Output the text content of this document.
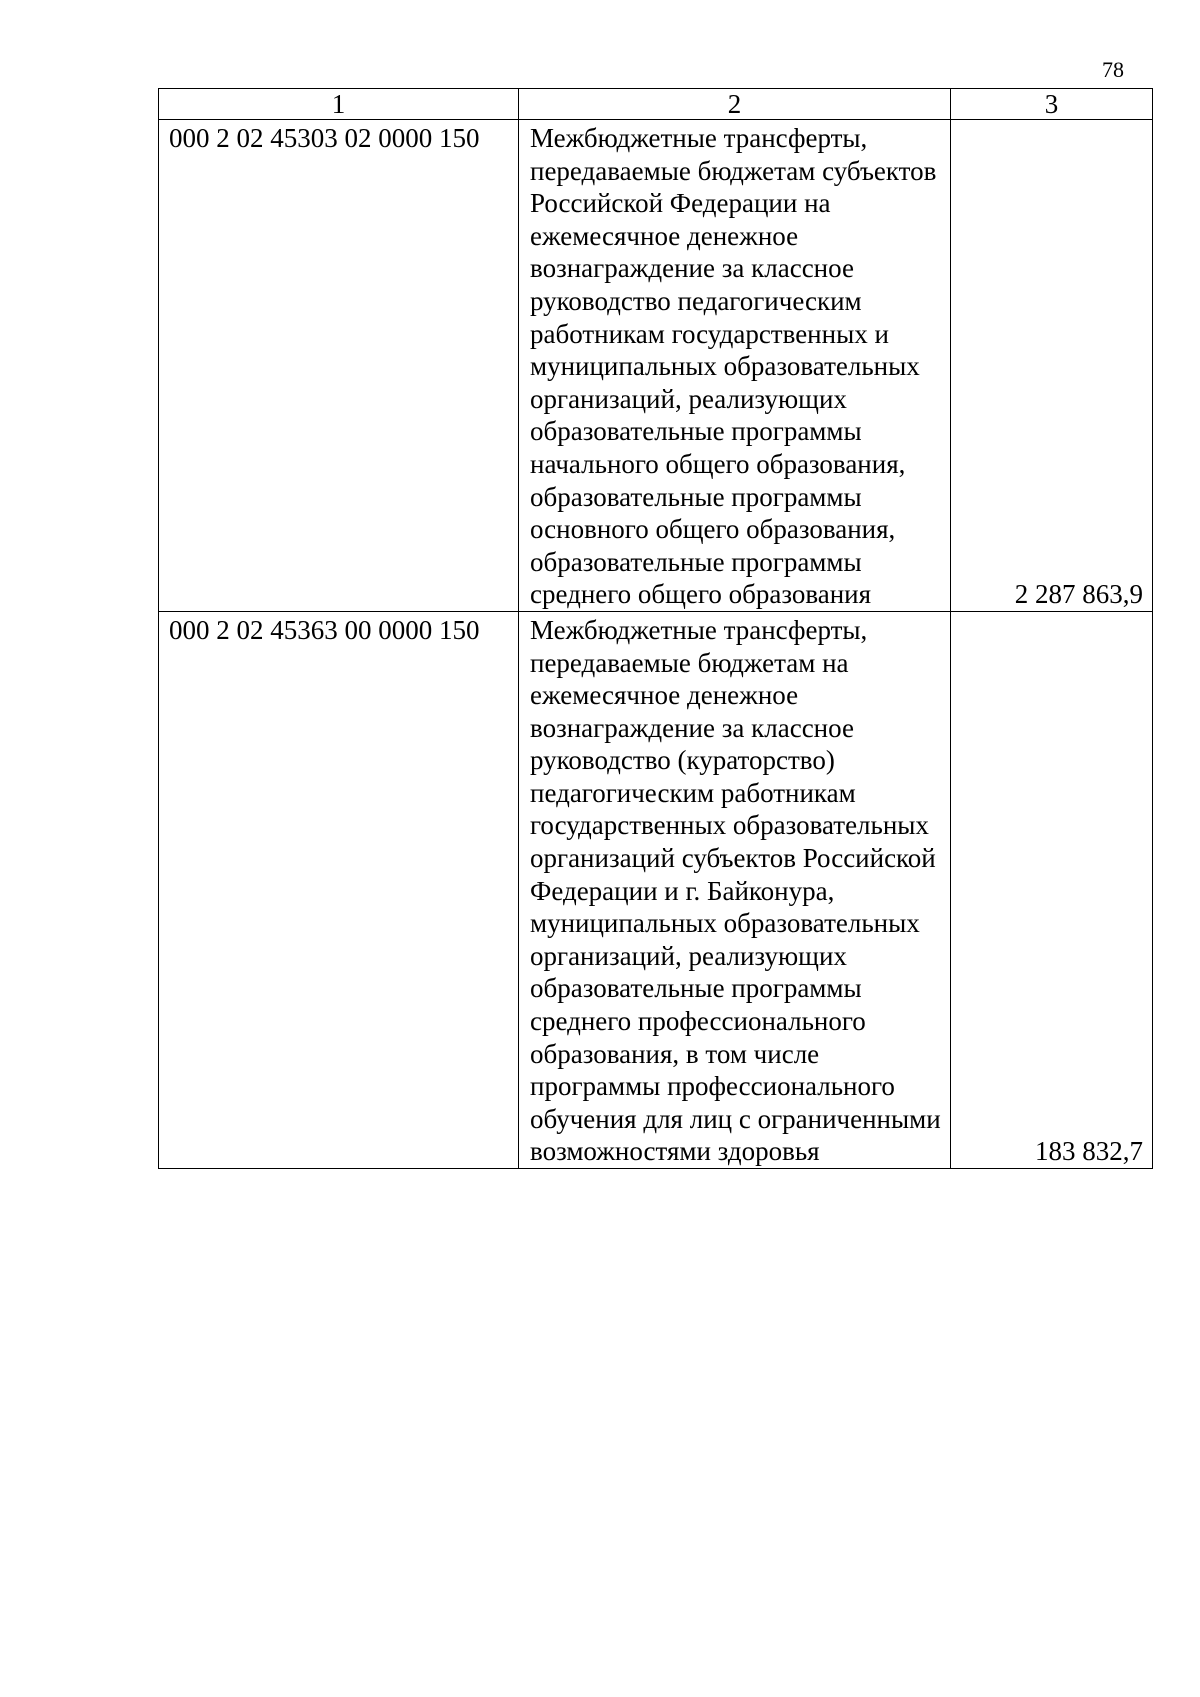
78
1	2	3
000 2 02 45303 02 0000 150	Межбюджетные трансферты, передаваемые бюджетам субъектов Российской Федерации на ежемесячное денежное вознаграждение за классное руководство педагогическим работникам государственных и муниципальных образовательных организаций, реализующих образовательные программы начального общего образования, образовательные программы основного общего образования, образовательные программы среднего общего образования	2 287 863,9
000 2 02 45363 00 0000 150	Межбюджетные трансферты, передаваемые бюджетам на ежемесячное денежное вознаграждение за классное руководство (кураторство) педагогическим работникам государственных образовательных организаций субъектов Российской Федерации и г. Байконура, муниципальных образовательных организаций, реализующих образовательные программы среднего профессионального образования, в том числе программы профессионального обучения для лиц с ограниченными возможностями здоровья	183 832,7
